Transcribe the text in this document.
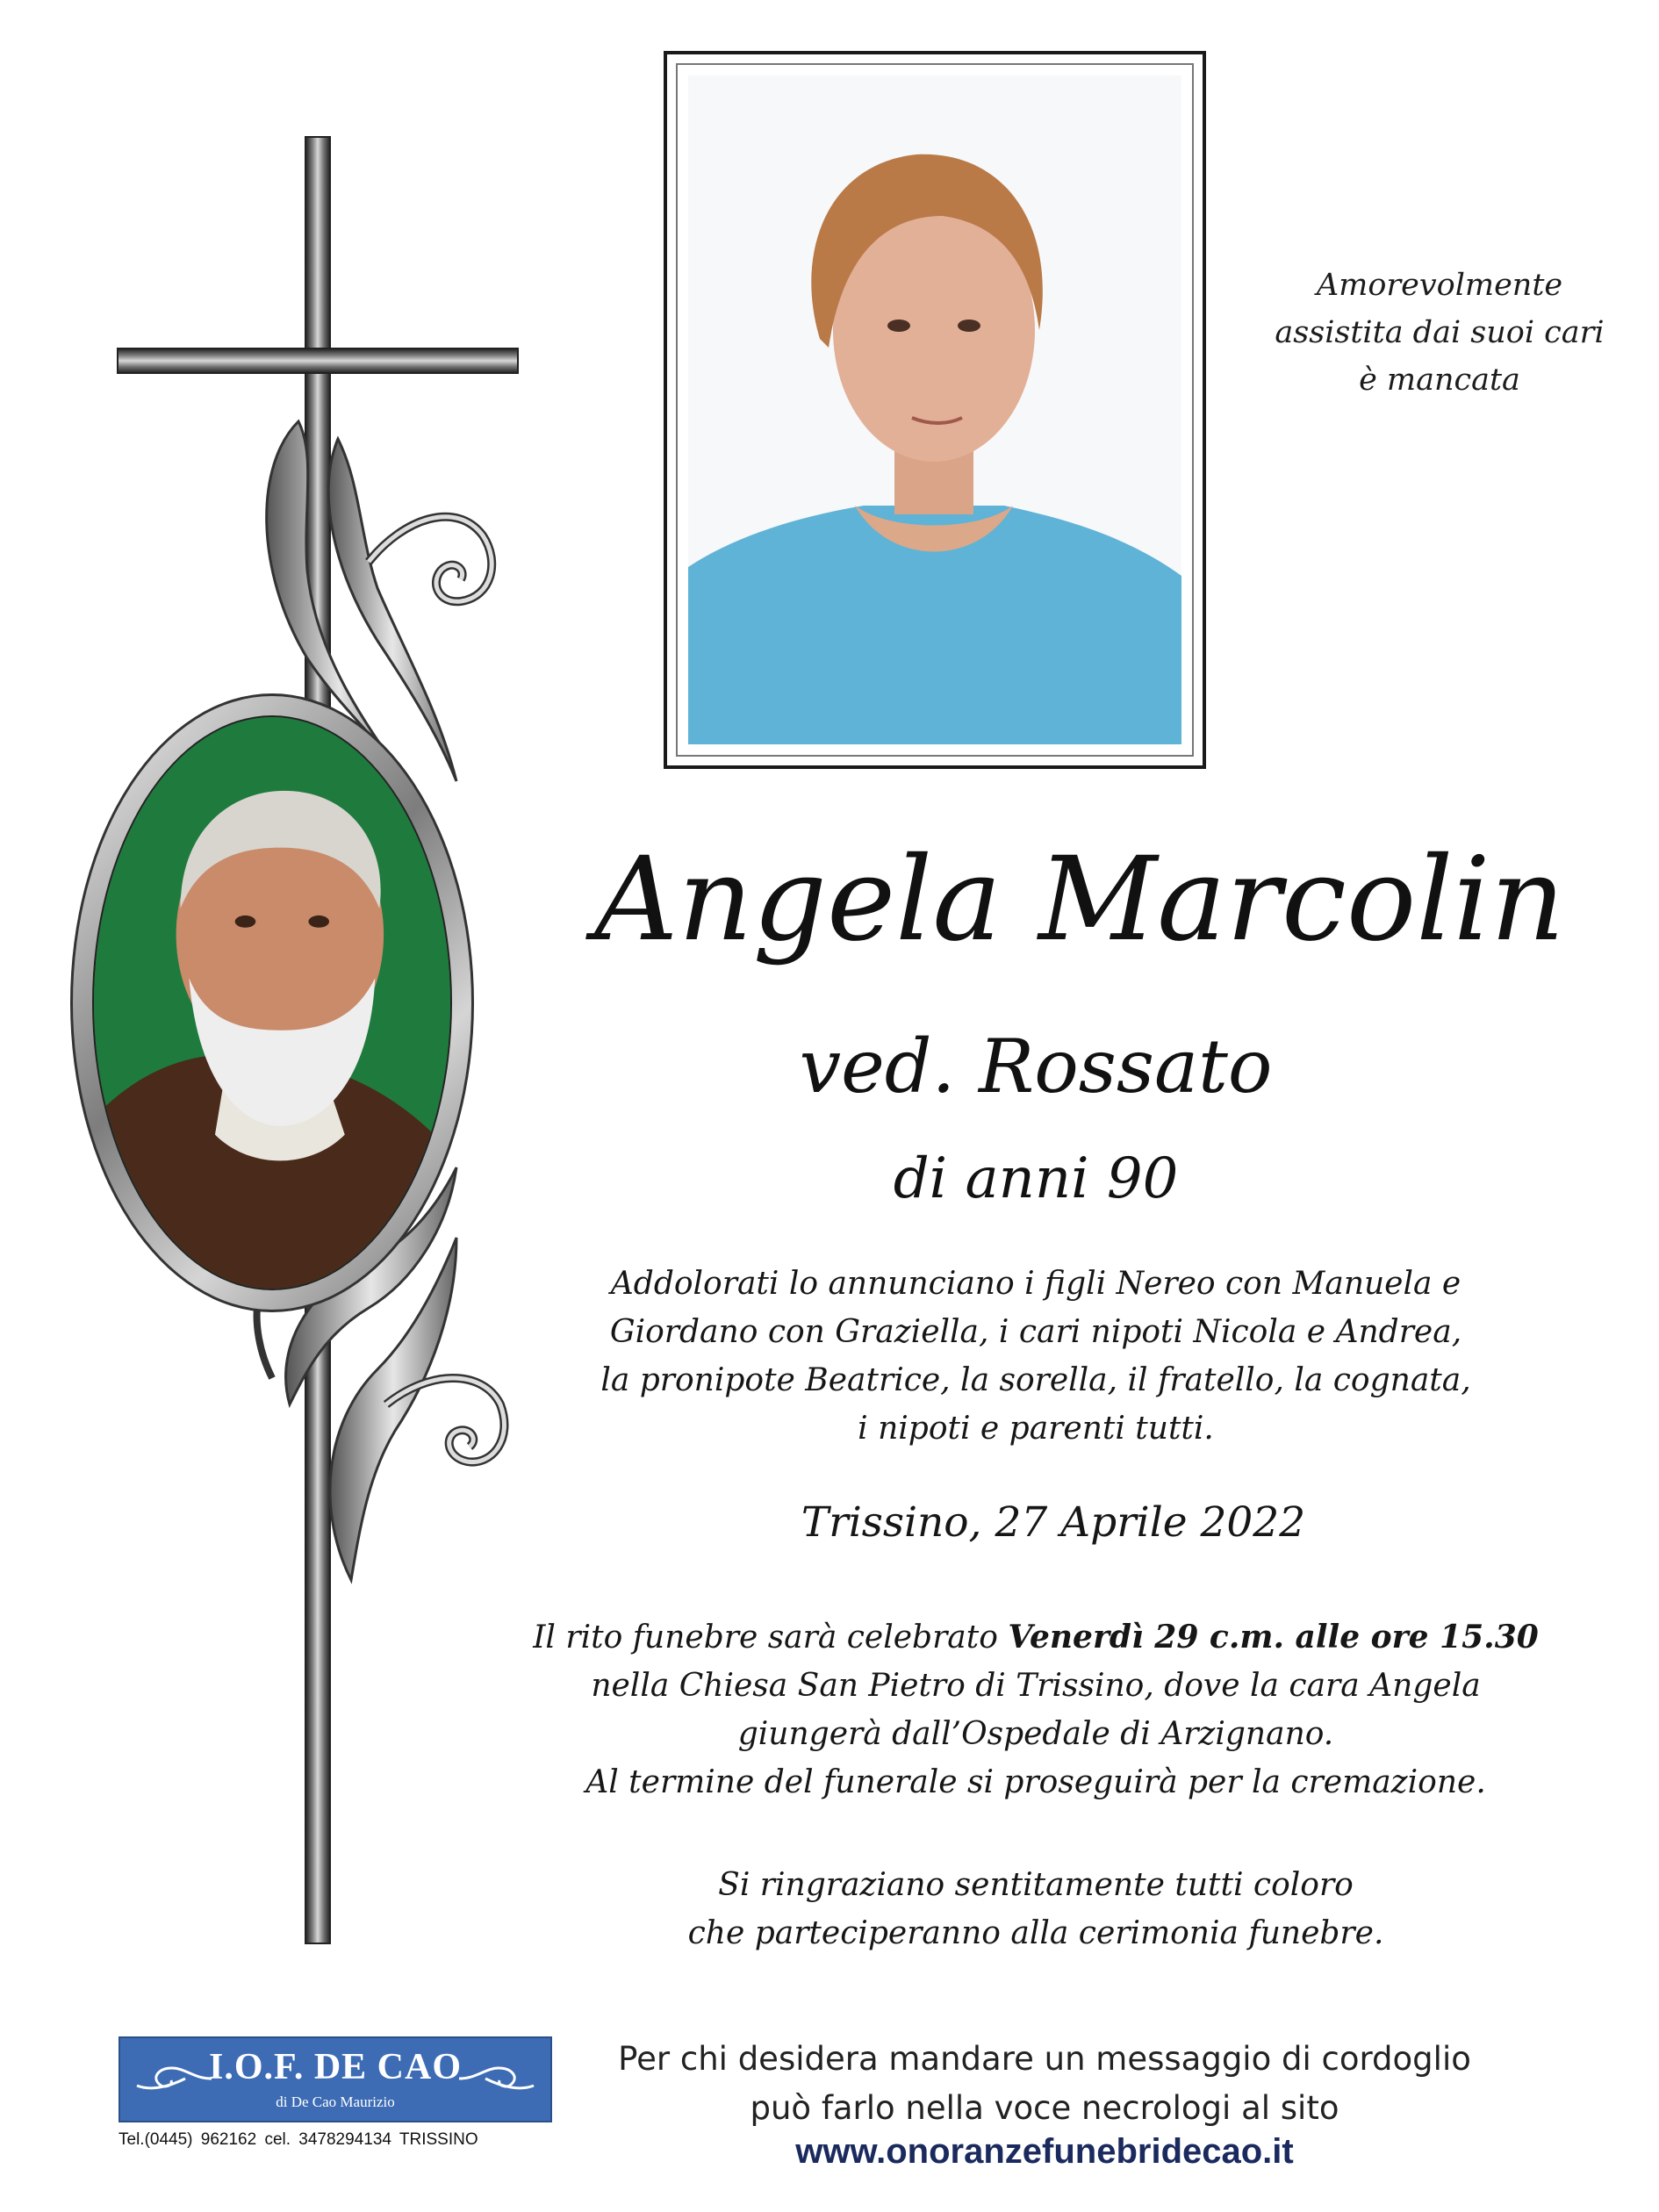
Amorevolmente
assistita dai suoi cari
è mancata
Angela Marcolin
ved. Rossato
di anni 90
Addolorati lo annunciano i figli Nereo con Manuela e
Giordano con Graziella, i cari nipoti Nicola e Andrea,
la pronipote Beatrice, la sorella, il fratello, la cognata,
i nipoti e parenti tutti.
Trissino, 27 Aprile 2022
Il rito funebre sarà celebrato Venerdì 29 c.m. alle ore 15.30
nella Chiesa San Pietro di Trissino, dove la cara Angela
giungerà dall’Ospedale di Arzignano.
Al termine del funerale si proseguirà per la cremazione.
Si ringraziano sentitamente tutti coloro
che parteciperanno alla cerimonia funebre.
I.O.F. DE CAO
di De Cao Maurizio
Tel.(0445) 962162 cel. 3478294134 TRISSINO
Per chi desidera mandare un messaggio di cordoglio
può farlo nella voce necrologi al sito
www.onoranzefunebridecao.it
